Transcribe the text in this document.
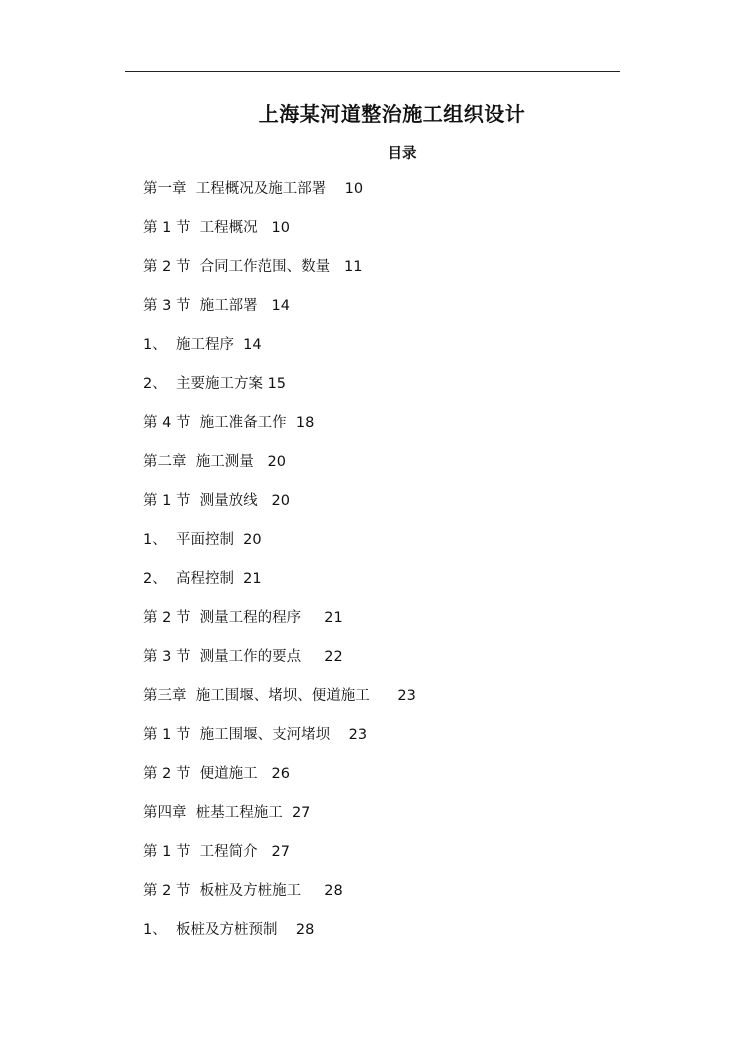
上海某河道整治施工组织设计
目录
第一章  工程概况及施工部署 10
第 1 节  工程概况 10
第 2 节  合同工作范围、数量 11
第 3 节  施工部署 14
1、  施工程序 14
2、  主要施工方案 15
第 4 节  施工准备工作 18
第二章  施工测量 20
第 1 节  测量放线 20
1、  平面控制 20
2、  高程控制 21
第 2 节  测量工程的程序 21
第 3 节  测量工作的要点 22
第三章  施工围堰、堵坝、便道施工 23
第 1 节  施工围堰、支河堵坝 23
第 2 节  便道施工 26
第四章  桩基工程施工 27
第 1 节  工程简介 27
第 2 节  板桩及方桩施工 28
1、  板桩及方桩预制 28
